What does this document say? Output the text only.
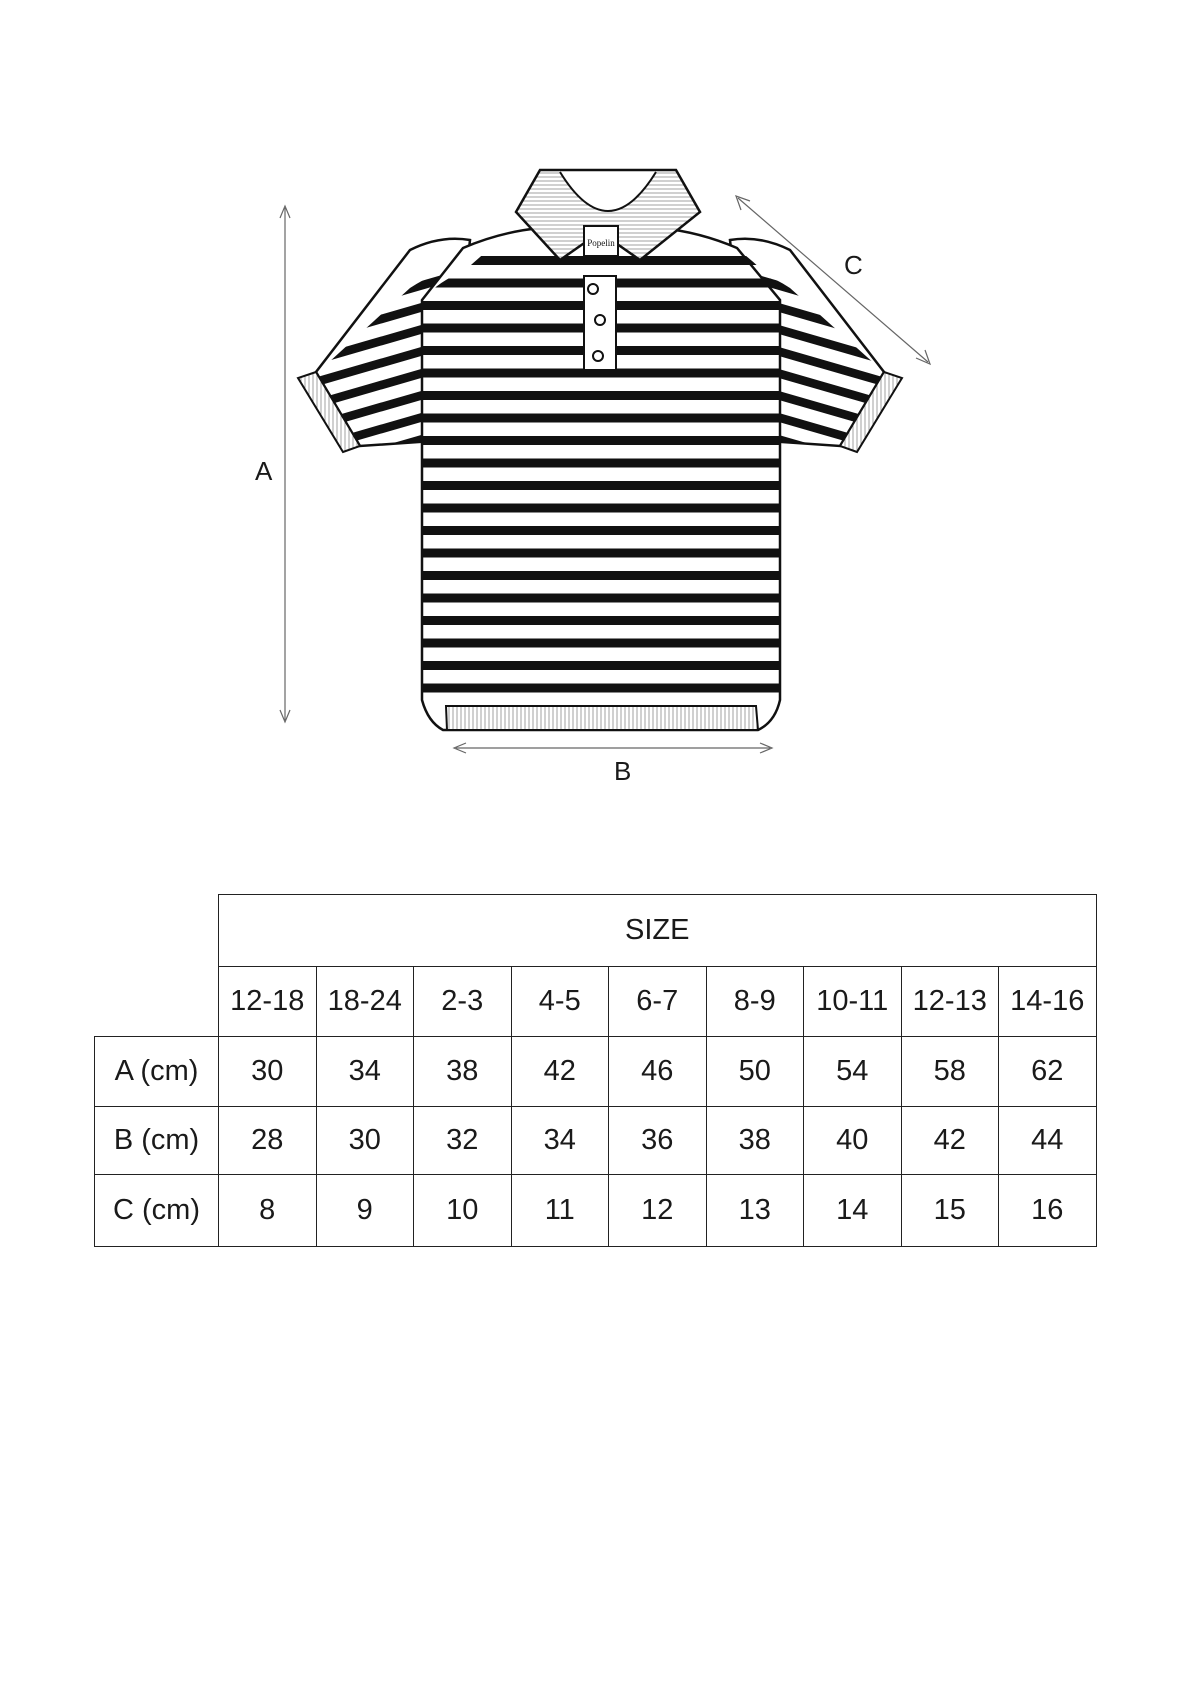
Popelin
A
B
C
	SIZE								
	12-18	18-24	2-3	4-5	6-7	8-9	10-11	12-13	14-16
A (cm)	30	34	38	42	46	50	54	58	62
B (cm)	28	30	32	34	36	38	40	42	44
C (cm)	8	9	10	11	12	13	14	15	16
